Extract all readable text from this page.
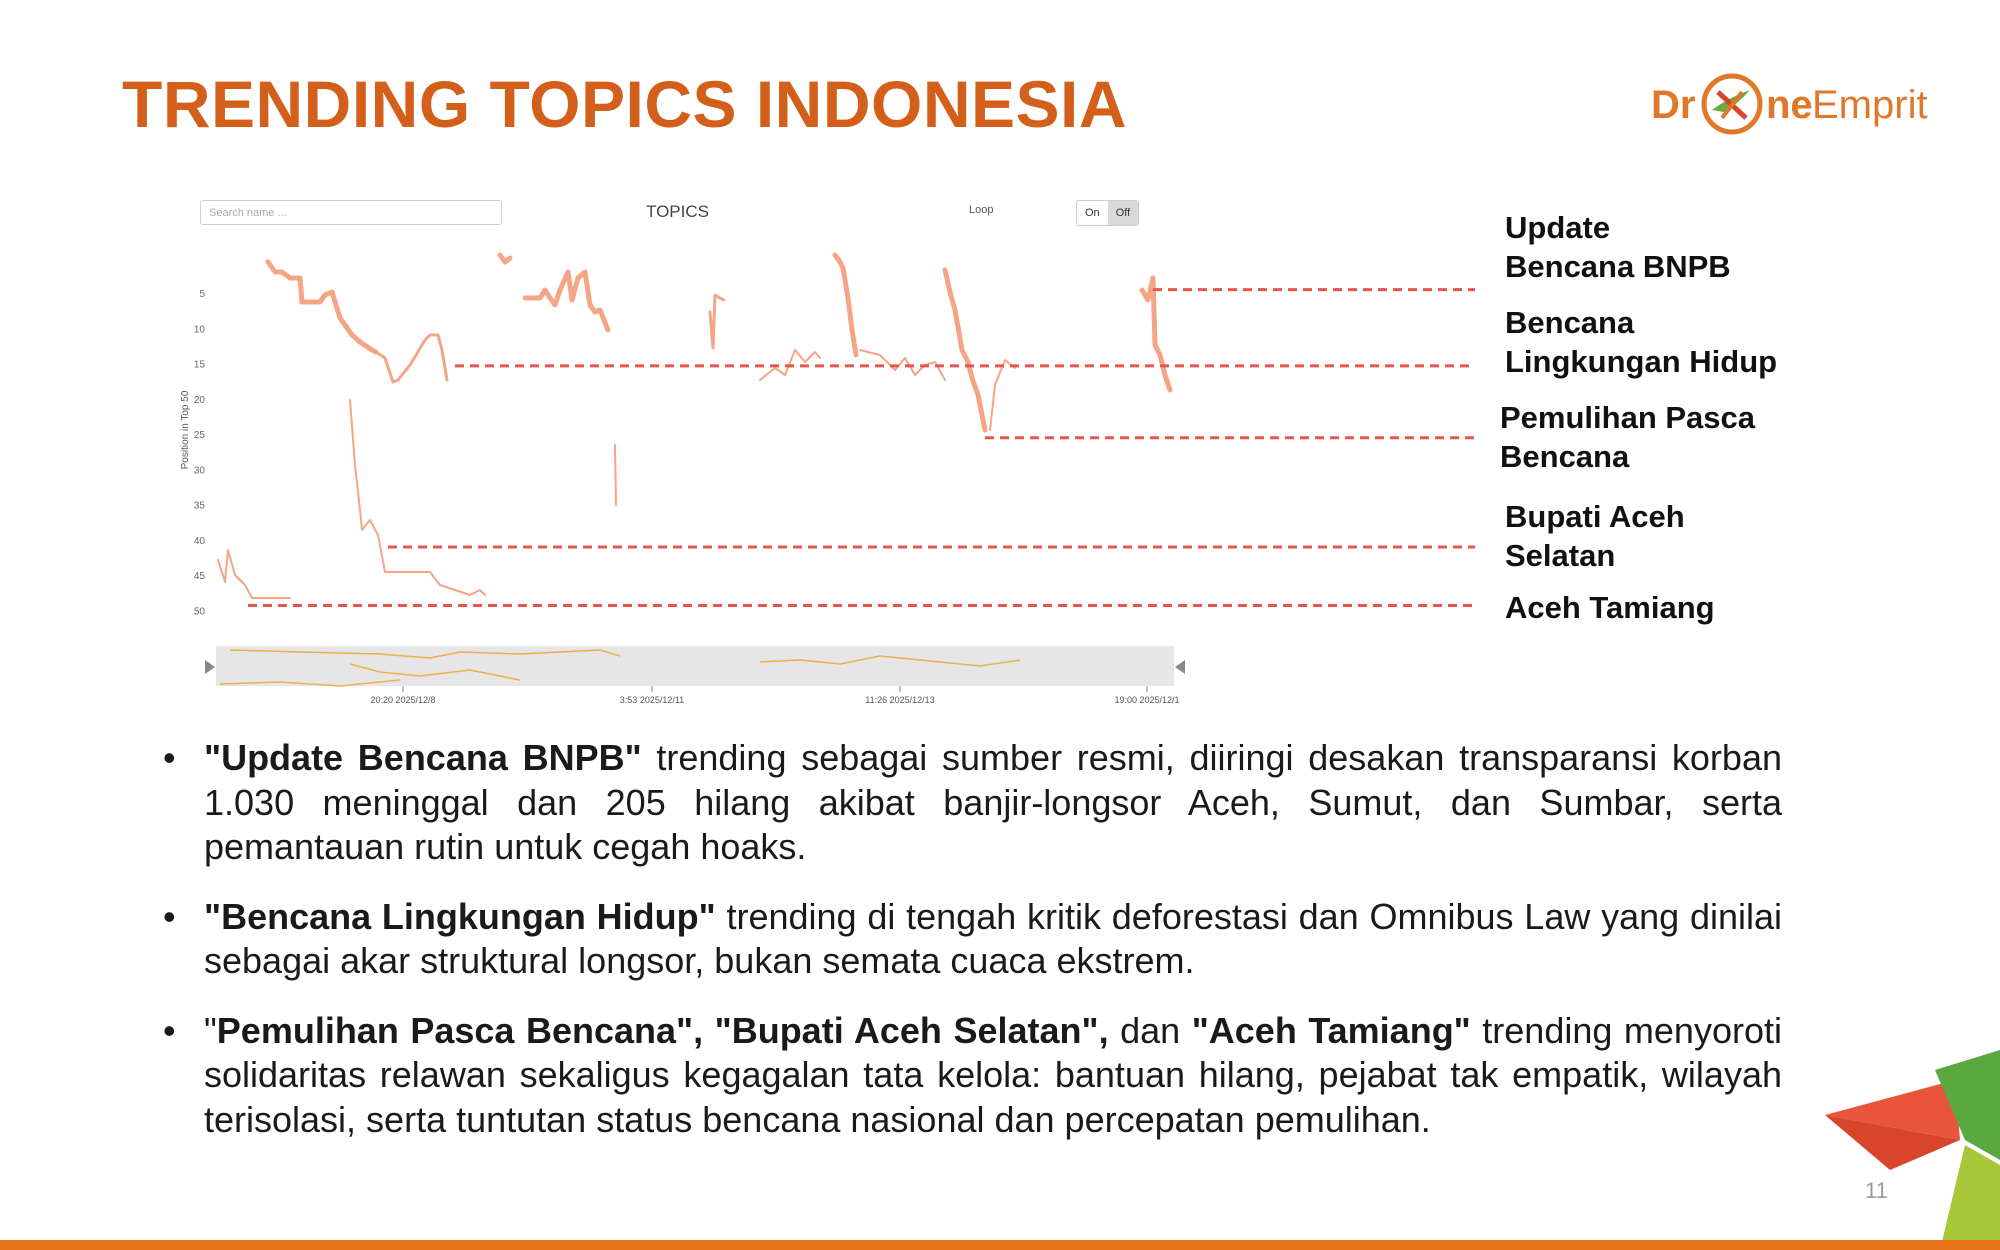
TRENDING TOPICS INDONESIA	Dr ne Emprit
Search name ...	TOPICS	Loop	On	Off
5
10
15
20
25
30
35
40
45
50
Position in Top 50
20:20 2025/12/8	3:53 2025/12/11	11:26 2025/12/13	19:00 2025/12/1
Update
Bencana BNPB
Bencana
Lingkungan Hidup
Pemulihan Pasca
Bencana
Bupati Aceh
Selatan
Aceh Tamiang
• "Update Bencana BNPB" trending sebagai sumber resmi, diiringi desakan transparansi korban 1.030 meninggal dan 205 hilang akibat banjir-longsor Aceh, Sumut, dan Sumbar, serta pemantauan rutin untuk cegah hoaks.
• "Bencana Lingkungan Hidup" trending di tengah kritik deforestasi dan Omnibus Law yang dinilai sebagai akar struktural longsor, bukan semata cuaca ekstrem.
• "Pemulihan Pasca Bencana", "Bupati Aceh Selatan", dan "Aceh Tamiang" trending menyoroti solidaritas relawan sekaligus kegagalan tata kelola: bantuan hilang, pejabat tak empatik, wilayah terisolasi, serta tuntutan status bencana nasional dan percepatan pemulihan.
11
